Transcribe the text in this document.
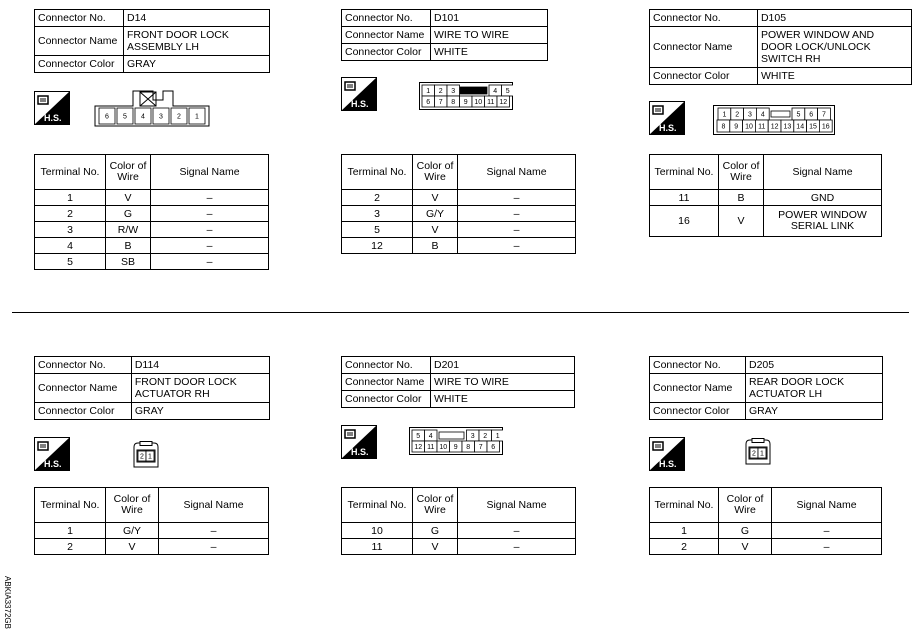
Connector No.	D14
Connector Name	FRONT DOOR LOCK ASSEMBLY LH
Connector Color	GRAY
H.S.	6 5 4 3 2 1
Terminal No.	Color of Wire	Signal Name
1	V	–
2	G	–
3	R/W	–
4	B	–
5	SB	–
Connector No.	D101
Connector Name	WIRE TO WIRE
Connector Color	WHITE
H.S.
1 2 3	4 5
6 7 8 9 10 11 12
Terminal No.	Color of Wire	Signal Name
2	V	–
3	G/Y	–
5	V	–
12	B	–
Connector No.	D105
Connector Name	POWER WINDOW AND DOOR LOCK/UNLOCK SWITCH RH
Connector Color	WHITE
H.S.
1 2 3 4	5 6 7
8 9 10 11 12 13 14 15 16
Terminal No.	Color of Wire	Signal Name
11	B	GND
16	V	POWER WINDOW SERIAL LINK
Connector No.	D114
Connector Name	FRONT DOOR LOCK ACTUATOR RH
Connector Color	GRAY
H.S.
2 1
Terminal No.	Color of Wire	Signal Name
1	G/Y	–
2	V	–
Connector No.	D201
Connector Name	WIRE TO WIRE
Connector Color	WHITE
H.S.
5 4	3 2 1
12 11 10 9 8 7 6
Terminal No.	Color of Wire	Signal Name
10	G	–
11	V	–
Connector No.	D205
Connector Name	REAR DOOR LOCK ACTUATOR LH
Connector Color	GRAY
H.S.
2 1
Terminal No.	Color of Wire	Signal Name
1	G	–
2	V	–
ABKIA3372GB
